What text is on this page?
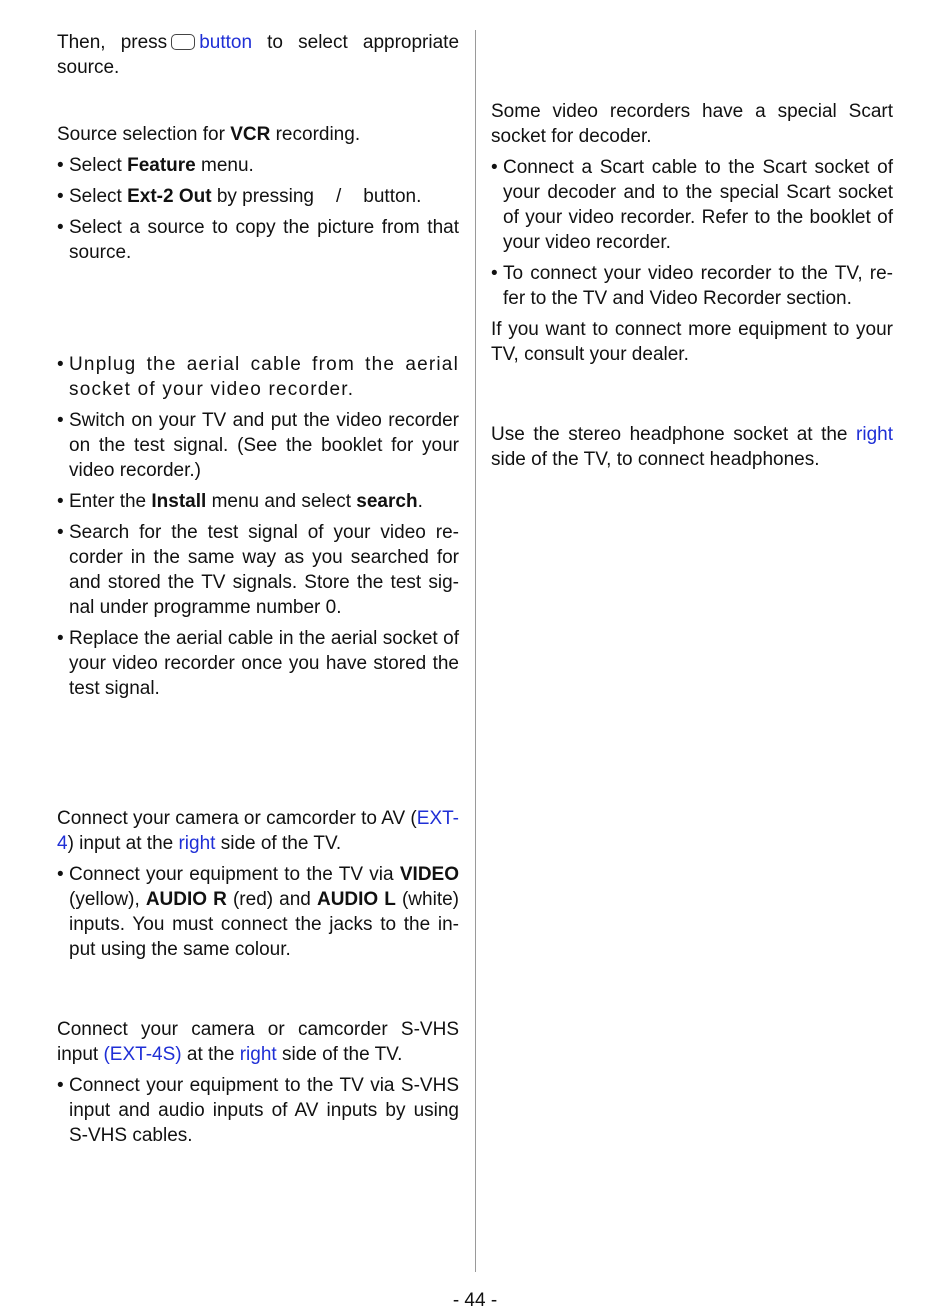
Then, press button to select appropriate source.

Source selection for VCR recording.

• Select Feature menu.
• Select Ext-2 Out by pressing / button.
• Select a source to copy the picture from that source.
• Unplug the aerial cable from the aerial socket of your video recorder.
• Switch on your TV and put the video recorder on the test signal. (See the booklet for your video recorder.)
• Enter the Install menu and select search.
• Search for the test signal of your video re-corder in the same way as you searched for and stored the TV signals. Store the test sig-nal under programme number 0.
• Replace the aerial cable in the aerial socket of your video recorder once you have stored the test signal.

Connect your camera or camcorder to AV (EXT-4) input at the right side of the TV.

• Connect your equipment to the TV via VIDEO (yellow), AUDIO R (red) and AUDIO L (white) inputs. You must connect the jacks to the in-put using the same colour.

Connect your camera or camcorder S-VHS input (EXT-4S) at the right side of the TV.

• Connect your equipment to the TV via S-VHS input and audio inputs of AV inputs by using S-VHS cables.

Some video recorders have a special Scart socket for decoder.

• Connect a Scart cable to the Scart socket of your decoder and to the special Scart socket of your video recorder. Refer to the booklet of your video recorder.
• To connect your video recorder to the TV, re-fer to the TV and Video Recorder section.

If you want to connect more equipment to your TV, consult your dealer.

Use the stereo headphone socket at the right side of the TV, to connect headphones.

- 44 -
